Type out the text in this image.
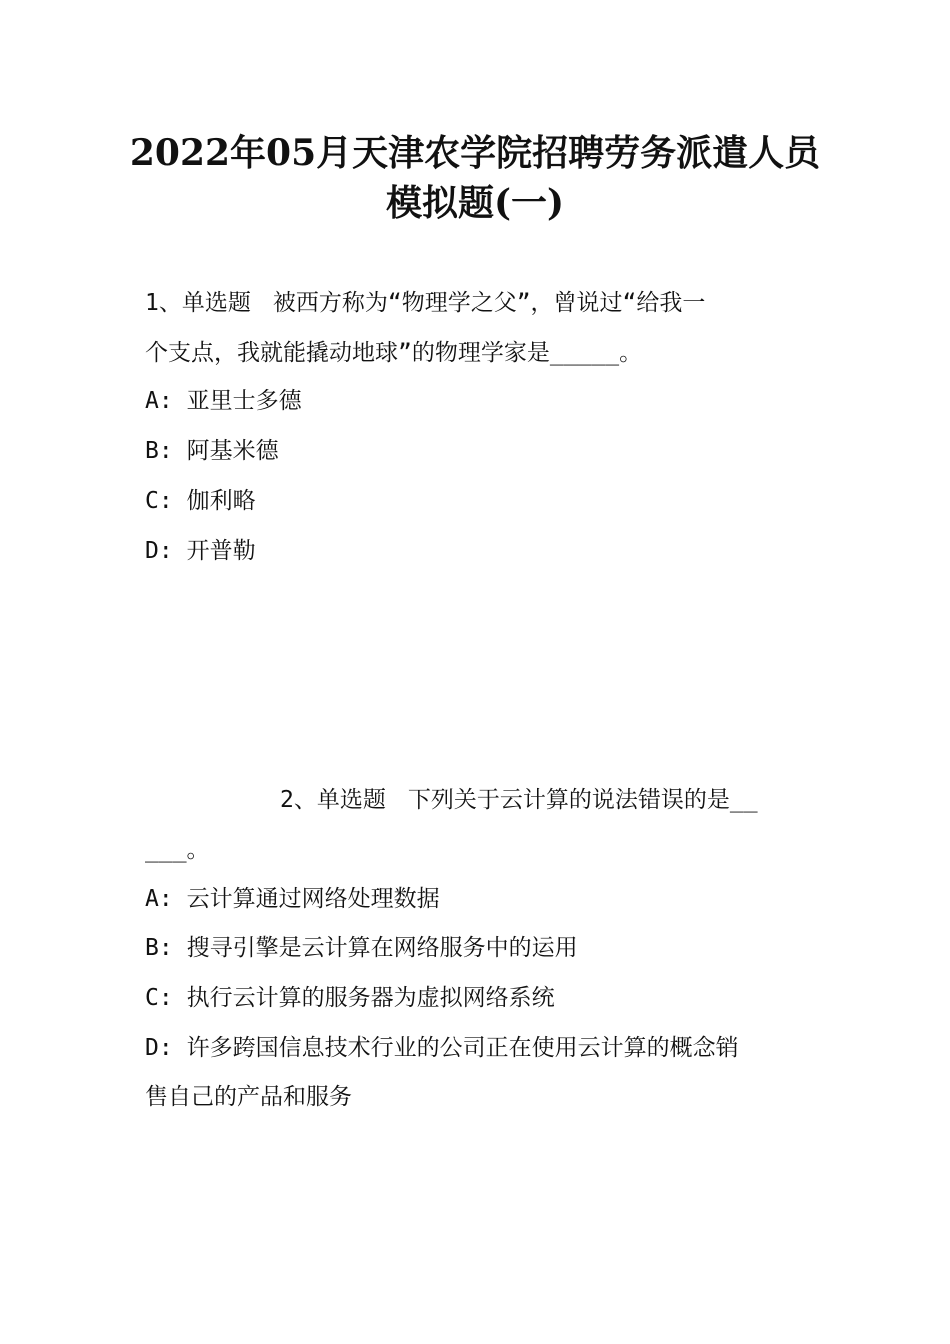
2022年05月天津农学院招聘劳务派遣人员
模拟题(一)
1、单选题 被西方称为“物理学之父”，曾说过“给我一
个支点，我就能撬动地球”的物理学家是_____。
A: 亚里士多德
B: 阿基米德
C: 伽利略
D: 开普勒
2、单选题 下列关于云计算的说法错误的是__
___。
A: 云计算通过网络处理数据
B: 搜寻引擎是云计算在网络服务中的运用
C: 执行云计算的服务器为虚拟网络系统
D: 许多跨国信息技术行业的公司正在使用云计算的概念销
售自己的产品和服务
